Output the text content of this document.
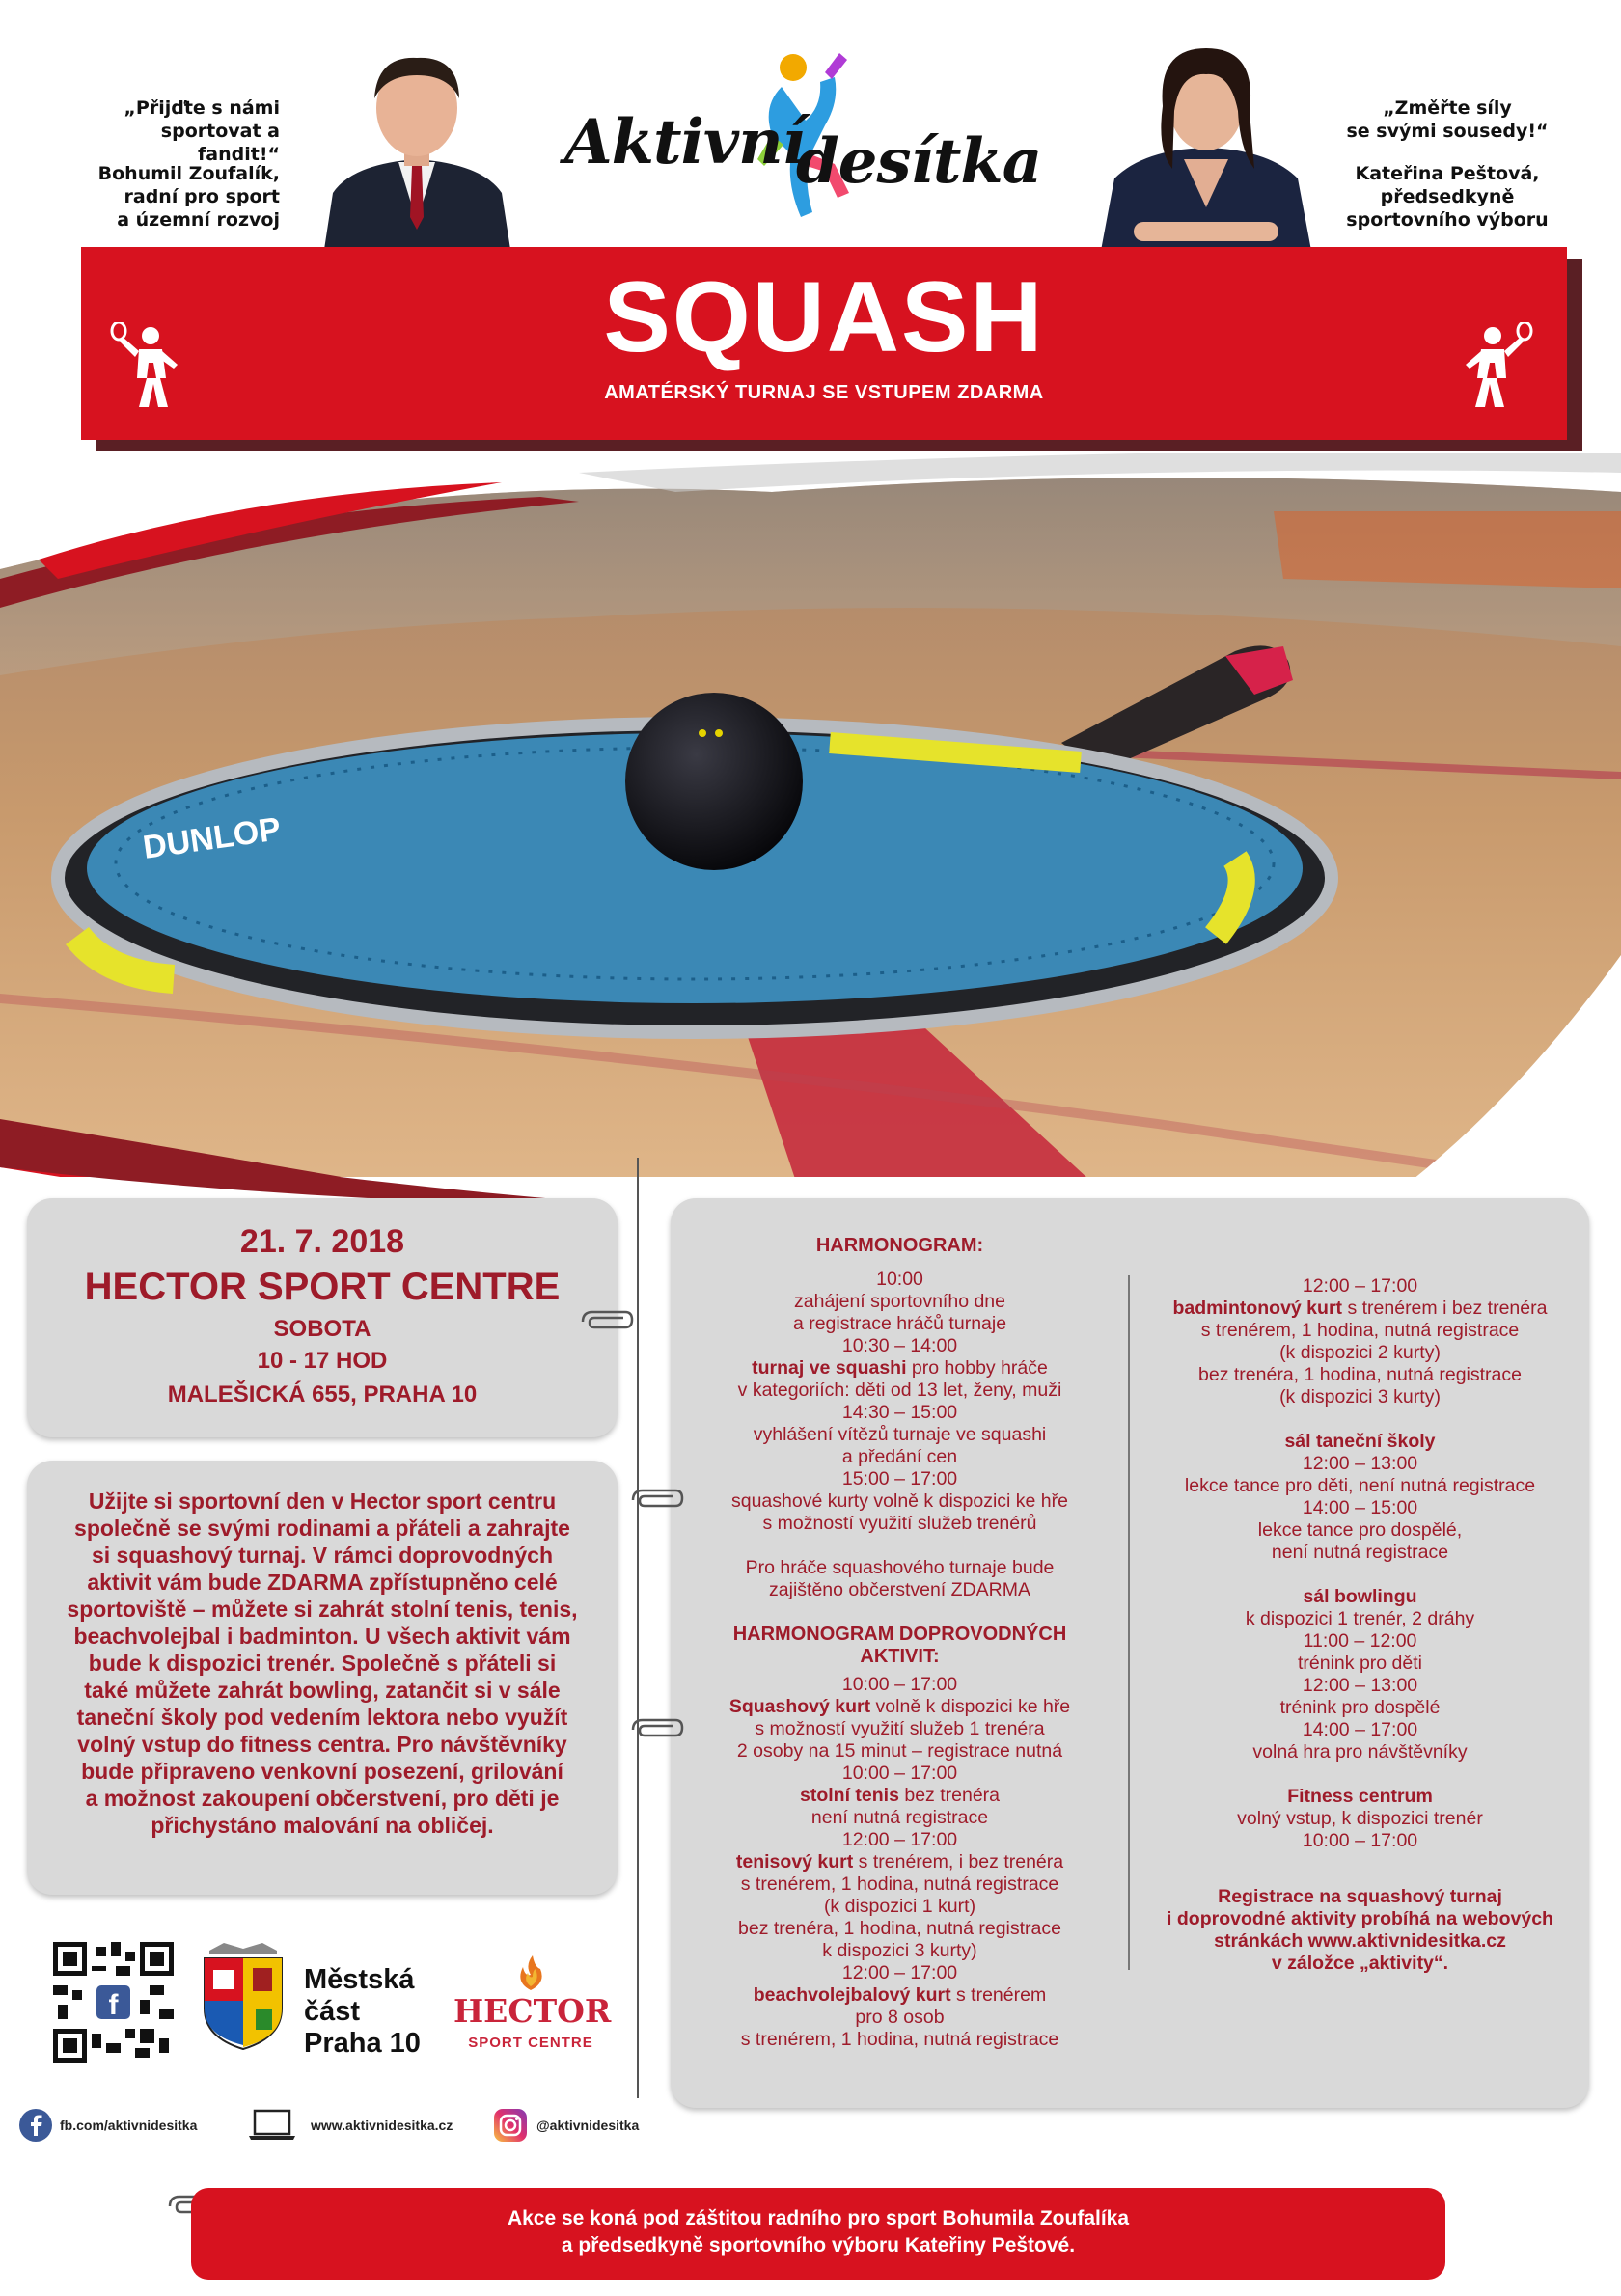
„Přijďte s námi
sportovat a fandit!“
Bohumil Zoufalík,
radní pro sport
a územní rozvoj
Aktivní
desítka
„Změřte síly
se svými sousedy!“
Kateřina Peštová,
předsedkyně
sportovního výboru
SQUASH
AMATÉRSKÝ TURNAJ SE VSTUPEM ZDARMA
DUNLOP
21. 7. 2018
HECTOR SPORT CENTRE
SOBOTA
10 - 17 HOD
MALEŠICKÁ 655, PRAHA 10
Užijte si sportovní den v Hector sport centru
společně se svými rodinami a přáteli a zahrajte
si squashový turnaj. V rámci doprovodných
aktivit vám bude ZDARMA zpřístupněno celé
sportoviště – můžete si zahrát stolní tenis, tenis,
beachvolejbal i badminton. U všech aktivit vám
bude k dispozici trenér. Společně s přáteli si
také můžete zahrát bowling, zatančit si v sále
taneční školy pod vedením lektora nebo využít
volný vstup do fitness centra. Pro návštěvníky
bude připraveno venkovní posezení, grilování
a možnost zakoupení občerstvení, pro děti je
přichystáno malování na obličej.
HARMONOGRAM:
10:00
zahájení sportovního dne
a registrace hráčů turnaje
10:30 – 14:00
turnaj ve squashi pro hobby hráče
v kategoriích: děti od 13 let, ženy, muži
14:30 – 15:00
vyhlášení vítězů turnaje ve squashi
a předání cen
15:00 – 17:00
squashové kurty volně k dispozici ke hře
s možností využití služeb trenérů
Pro hráče squashového turnaje bude
zajištěno občerstvení ZDARMA
HARMONOGRAM DOPROVODNÝCH
AKTIVIT:
10:00 – 17:00
Squashový kurt volně k dispozici ke hře
s možností využití služeb 1 trenéra
2 osoby na 15 minut – registrace nutná
10:00 – 17:00
stolní tenis bez trenéra
není nutná registrace
12:00 – 17:00
tenisový kurt s trenérem, i bez trenéra
s trenérem, 1 hodina, nutná registrace
(k dispozici 1 kurt)
bez trenéra, 1 hodina, nutná registrace
k dispozici 3 kurty)
12:00 – 17:00
beachvolejbalový kurt s trenérem
pro 8 osob
s trenérem, 1 hodina, nutná registrace
12:00 – 17:00
badmintonový kurt s trenérem i bez trenéra
s trenérem, 1 hodina, nutná registrace
(k dispozici 2 kurty)
bez trenéra, 1 hodina, nutná registrace
(k dispozici 3 kurty)
sál taneční školy
12:00 – 13:00
lekce tance pro děti, není nutná registrace
14:00 – 15:00
lekce tance pro dospělé,
není nutná registrace
sál bowlingu
k dispozici 1 trenér, 2 dráhy
11:00 – 12:00
trénink pro děti
12:00 – 13:00
trénink pro dospělé
14:00 – 17:00
volná hra pro návštěvníky
Fitness centrum
volný vstup, k dispozici trenér
10:00 – 17:00
Registrace na squashový turnaj
i doprovodné aktivity probíhá na webových
stránkách www.aktivnidesitka.cz
v záložce „aktivity“.
f
Městská
část
Praha 10
HECTOR
SPORT CENTRE
fb.com/aktivnidesitka	www.aktivnidesitka.cz	@aktivnidesitka
Akce se koná pod záštitou radního pro sport Bohumila Zoufalíka
a předsedkyně sportovního výboru Kateřiny Peštové.
